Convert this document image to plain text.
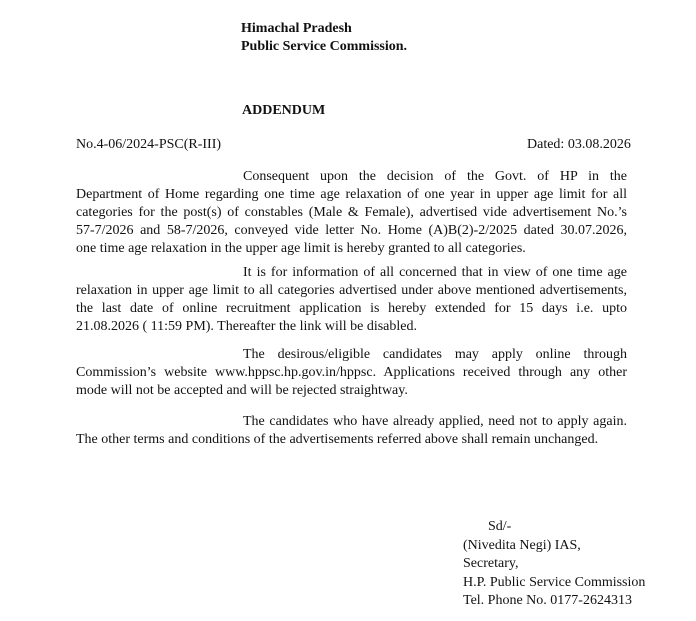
Himachal Pradesh
Public Service Commission.
ADDENDUM
No.4-06/2024-PSC(R-III)	Dated: 03.08.2026
Consequent upon the decision of the Govt. of HP in the
Department of Home regarding one time age relaxation of one year in upper age limit for all
categories for the post(s) of constables (Male & Female), advertised vide advertisement No.’s
57-7/2026 and 58-7/2026, conveyed vide letter No. Home (A)B(2)-2/2025 dated 30.07.2026,
one time age relaxation in the upper age limit is hereby granted to all categories.
It is for information of all concerned that in view of one time age
relaxation in upper age limit to all categories advertised under above mentioned advertisements,
the last date of online recruitment application is hereby extended for 15 days i.e. upto
21.08.2026 ( 11:59 PM). Thereafter the link will be disabled.
The desirous/eligible candidates may apply online through
Commission’s website www.hppsc.hp.gov.in/hppsc. Applications received through any other
mode will not be accepted and will be rejected straightway.
The candidates who have already applied, need not to apply again.
The other terms and conditions of the advertisements referred above shall remain unchanged.
Sd/-
(Nivedita Negi) IAS,
Secretary,
H.P. Public Service Commission
Tel. Phone No. 0177-2624313
